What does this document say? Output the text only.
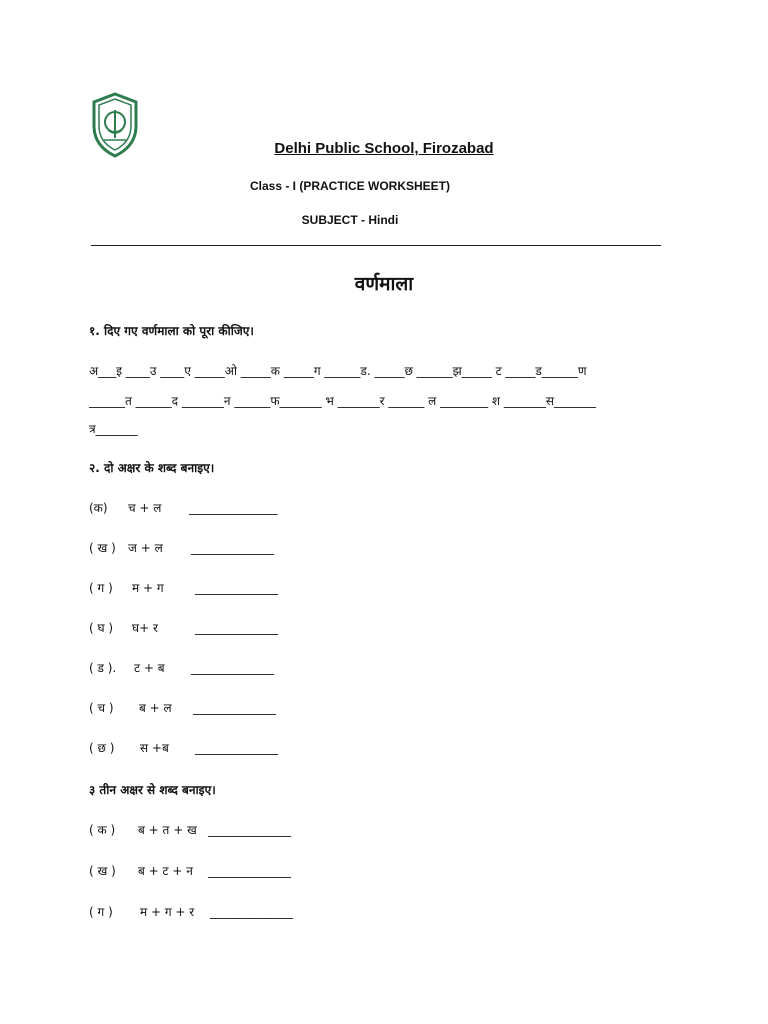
Delhi Public School, Firozabad
Class - I (PRACTICE WORKSHEET)
SUBJECT - Hindi
वर्णमाला
१. दिए गए वर्णमाला को पूरा कीजिए।
अ___इ ____उ ____ए _____ओ _____क _____ग ______ड. _____छ ______झ_____ ट _____ड______ण
______त ______द _______न ______फ_______ भ _______र ______ ल ________ श _______स_______
त्र_______
२. दो अक्षर के शब्द बनाइए।
(क) च + ल ________________
( ख ) ज + ल _______________
( ग ) म + ग	_______________
( घ ) घ+ र	_______________
( ड ). ट + ब _______________
( च ) ब + ल _______________
( छ ) स +ब _______________
३ तीन अक्षर से शब्द बनाइए।
( क ) ब + त + ख _______________
( ख ) ब + ट + न _______________
( ग ) म + ग + र _______________
